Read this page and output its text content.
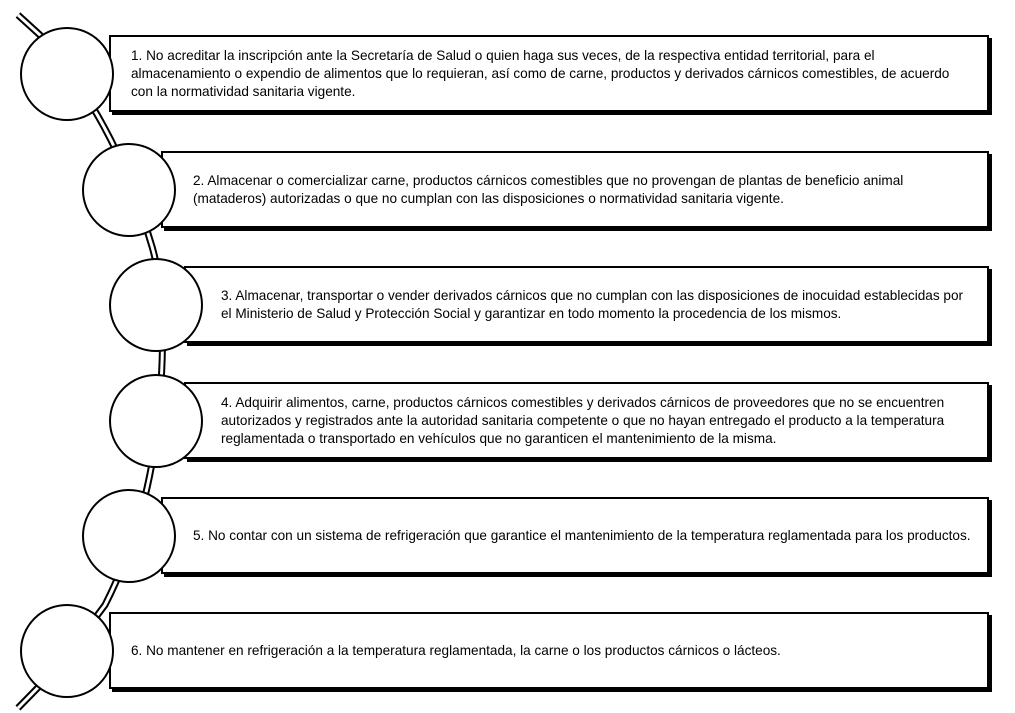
1. No acreditar la inscripción ante la Secretaría de Salud o quien haga sus veces, de la respectiva entidad territorial, para el almacenamiento o expendio de alimentos que lo requieran, así como de carne, productos y derivados cárnicos comestibles, de acuerdo con la normatividad sanitaria vigente.
2. Almacenar o comercializar carne, productos cárnicos comestibles que no provengan de plantas de beneficio animal (mataderos) autorizadas o que no cumplan con las disposiciones o normatividad sanitaria vigente.
3. Almacenar, transportar o vender derivados cárnicos que no cumplan con las disposiciones de inocuidad establecidas por el Ministerio de Salud y Protección Social y garantizar en todo momento la procedencia de los mismos.
4. Adquirir alimentos, carne, productos cárnicos comestibles y derivados cárnicos de proveedores que no se encuentren autorizados y registrados ante la autoridad sanitaria competente o que no hayan entregado el producto a la temperatura reglamentada o transportado en vehículos que no garanticen el mantenimiento de la misma.
5. No contar con un sistema de refrigeración que garantice el mantenimiento de la temperatura reglamentada para los productos.
6. No mantener en refrigeración a la temperatura reglamentada, la carne o los productos cárnicos o lácteos.
